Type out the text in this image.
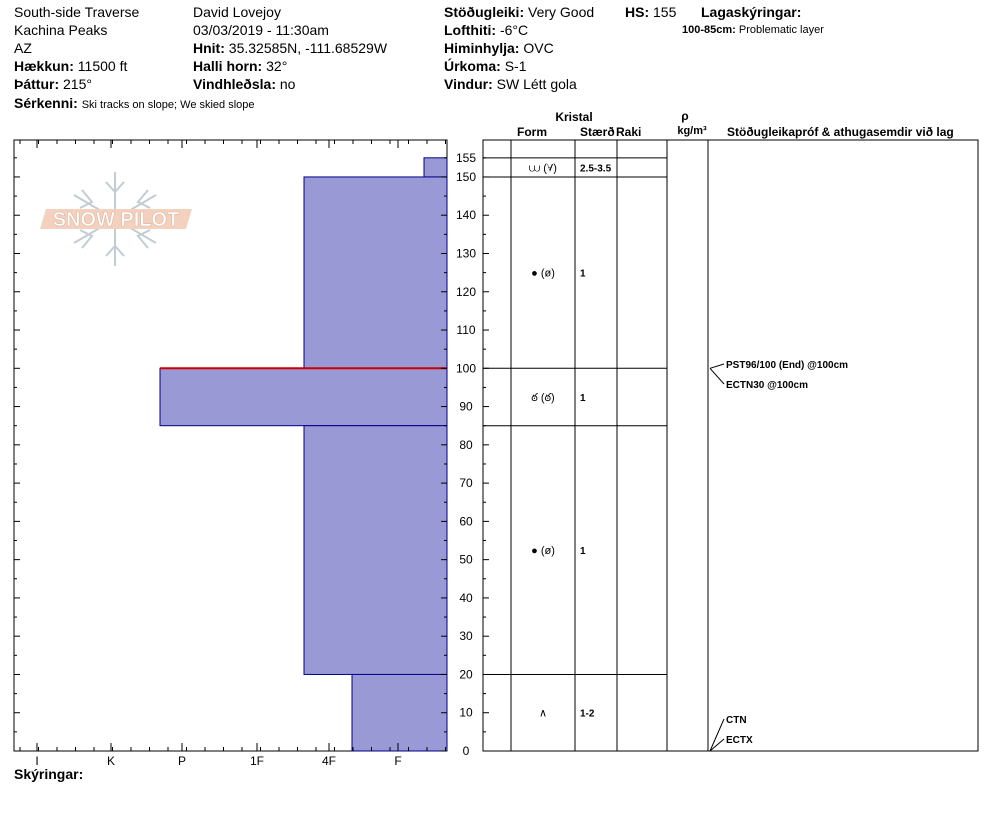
South-side Traverse
Kachina Peaks
AZ
Hækkun: 11500 ft
Þáttur: 215°
Sérkenni: Ski tracks on slope; We skied slope
David Lovejoy
03/03/2019 - 11:30am
Hnit: 35.32585N, -111.68529W
Halli horn: 32°
Vindhleðsla: no
Stöðugleiki: Very Good HS: 155
Lofthiti: -6°C
Himinhylja: OVC
Úrkoma: S-1
Vindur: SW Létt gola
Lagaskýringar:
100-85cm: Problematic layer
Skýringar:
SNOW PILOT
I	K	P	1F	4F	F
0
10
20
30
40
50
60
70
80
90
100
110
120
130
140
150
155
Kristal
Form	Stærð Raki
ρ
kg/m³ Stöðugleikapróf & athugasemdir við lag
⩊ (∀) 2.5-3.5
● (ø)	1
ఠ (ఠ)	1
● (ø)	1
∧	1-2
PST96/100 (End) @100cm
ECTN30 @100cm
CTN
ECTX
